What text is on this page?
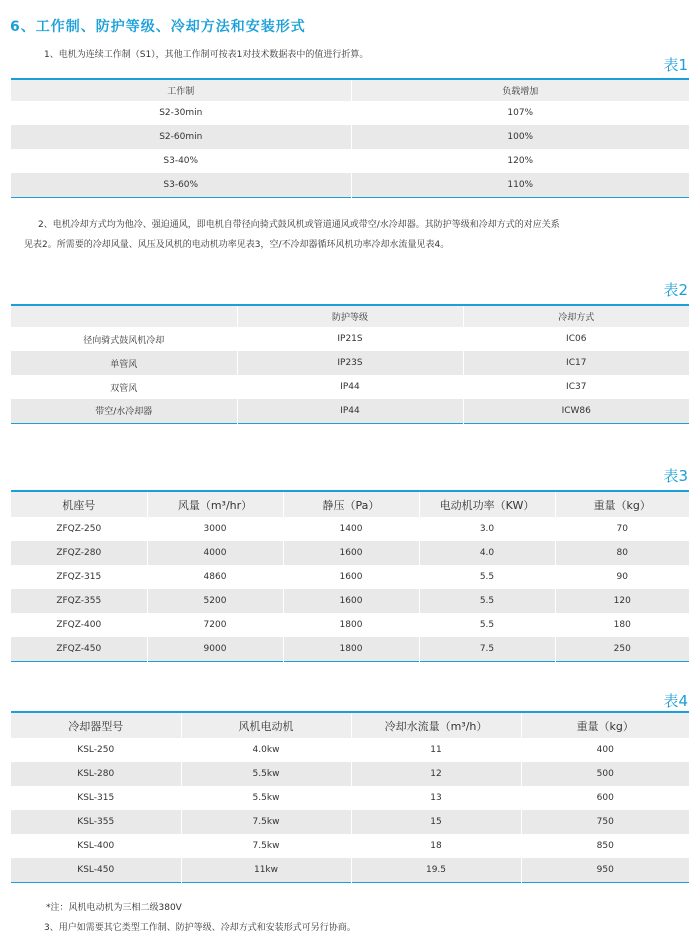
6、工作制、防护等级、冷却方法和安装形式
1、电机为连续工作制（S1），其他工作制可按表1对技术数据表中的值进行折算。
表1
工作制	负载增加
S2-30min	107%
S2-60min	100%
S3-40%	120%
S3-60%	110%
2、电机冷却方式均为他冷、强迫通风，即电机自带径向骑式鼓风机或管道通风或带空/水冷却器。其防护等级和冷却方式的对应关系
见表2。所需要的冷却风量、风压及风机的电动机功率见表3，空/不冷却器循环风机功率冷却水流量见表4。
表2
	防护等级	冷却方式
径向骑式鼓风机冷却	IP21S	IC06
单管风	IP23S	IC17
双管风	IP44	IC37
带空/水冷却器	IP44	ICW86
表3
机座号	风量（m³/hr）	静压（Pa）	电动机功率（KW）	重量（kg）
ZFQZ-250	3000	1400	3.0	70
ZFQZ-280	4000	1600	4.0	80
ZFQZ-315	4860	1600	5.5	90
ZFQZ-355	5200	1600	5.5	120
ZFQZ-400	7200	1800	5.5	180
ZFQZ-450	9000	1800	7.5	250
表4
冷却器型号	风机电动机	冷却水流量（m³/h）	重量（kg）
KSL-250	4.0kw	11	400
KSL-280	5.5kw	12	500
KSL-315	5.5kw	13	600
KSL-355	7.5kw	15	750
KSL-400	7.5kw	18	850
KSL-450	11kw	19.5	950
*注：风机电动机为三相二级380V
3、用户如需要其它类型工作制、防护等级、冷却方式和安装形式可另行协商。
